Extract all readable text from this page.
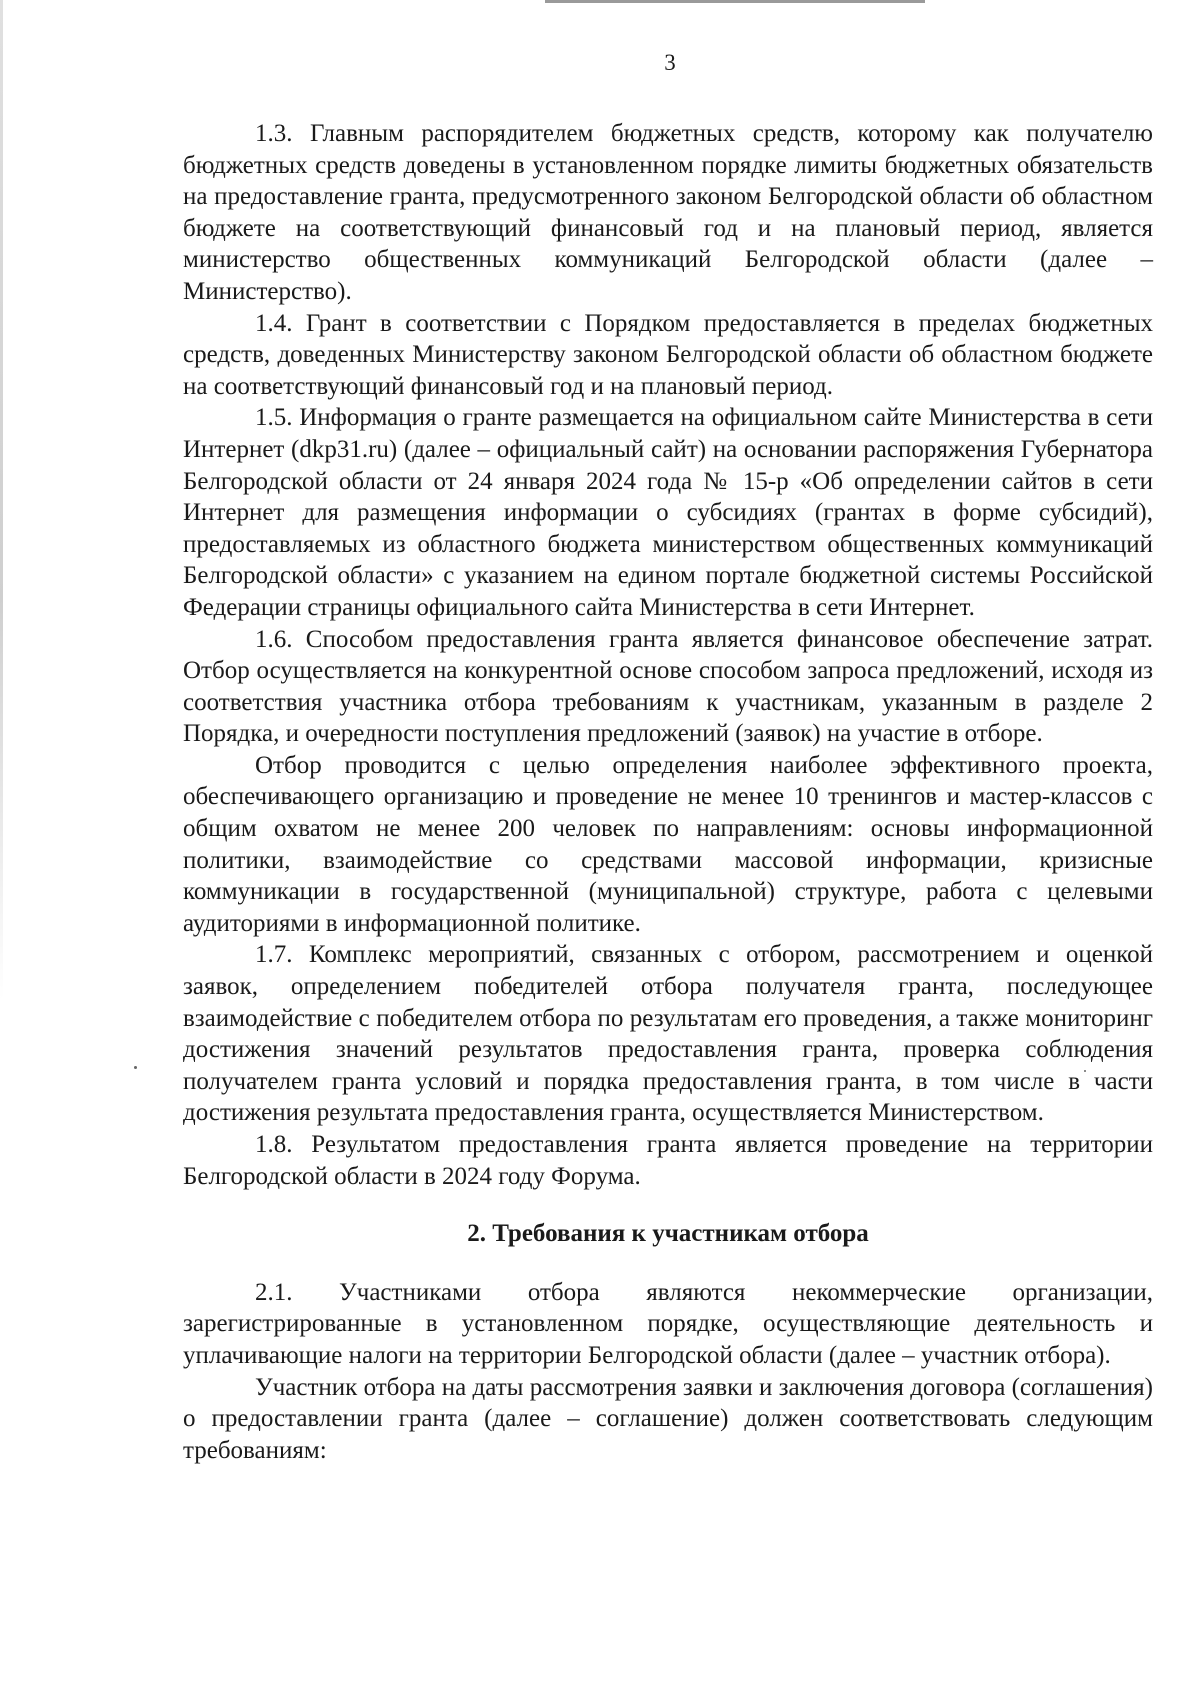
3

1.3. Главным распорядителем бюджетных средств, которому как получателю бюджетных средств доведены в установленном порядке лимиты бюджетных обязательств на предоставление гранта, предусмотренного законом Белгородской области об областном бюджете на соответствующий финансовый год и на плановый период, является министерство общественных коммуникаций Белгородской области (далее – Министерство).

1.4. Грант в соответствии с Порядком предоставляется в пределах бюджетных средств, доведенных Министерству законом Белгородской области об областном бюджете на соответствующий финансовый год и на плановый период.

1.5. Информация о гранте размещается на официальном сайте Министерства в сети Интернет (dkp31.ru) (далее – официальный сайт) на основании распоряжения Губернатора Белгородской области от 24 января 2024 года № 15-р «Об определении сайтов в сети Интернет для размещения информации о субсидиях (грантах в форме субсидий), предоставляемых из областного бюджета министерством общественных коммуникаций Белгородской области» с указанием на едином портале бюджетной системы Российской Федерации страницы официального сайта Министерства в сети Интернет.

1.6. Способом предоставления гранта является финансовое обеспечение затрат. Отбор осуществляется на конкурентной основе способом запроса предложений, исходя из соответствия участника отбора требованиям к участникам, указанным в разделе 2 Порядка, и очередности поступления предложений (заявок) на участие в отборе.

Отбор проводится с целью определения наиболее эффективного проекта, обеспечивающего организацию и проведение не менее 10 тренингов и мастер-классов с общим охватом не менее 200 человек по направлениям: основы информационной политики, взаимодействие со средствами массовой информации, кризисные коммуникации в государственной (муниципальной) структуре, работа с целевыми аудиториями в информационной политике.

1.7. Комплекс мероприятий, связанных с отбором, рассмотрением и оценкой заявок, определением победителей отбора получателя гранта, последующее взаимодействие с победителем отбора по результатам его проведения, а также мониторинг достижения значений результатов предоставления гранта, проверка соблюдения получателем гранта условий и порядка предоставления гранта, в том числе в части достижения результата предоставления гранта, осуществляется Министерством.

1.8. Результатом предоставления гранта является проведение на территории Белгородской области в 2024 году Форума.

2. Требования к участникам отбора

2.1. Участниками отбора являются некоммерческие организации, зарегистрированные в установленном порядке, осуществляющие деятельность и уплачивающие налоги на территории Белгородской области (далее – участник отбора).

Участник отбора на даты рассмотрения заявки и заключения договора (соглашения) о предоставлении гранта (далее – соглашение) должен соответствовать следующим требованиям:
